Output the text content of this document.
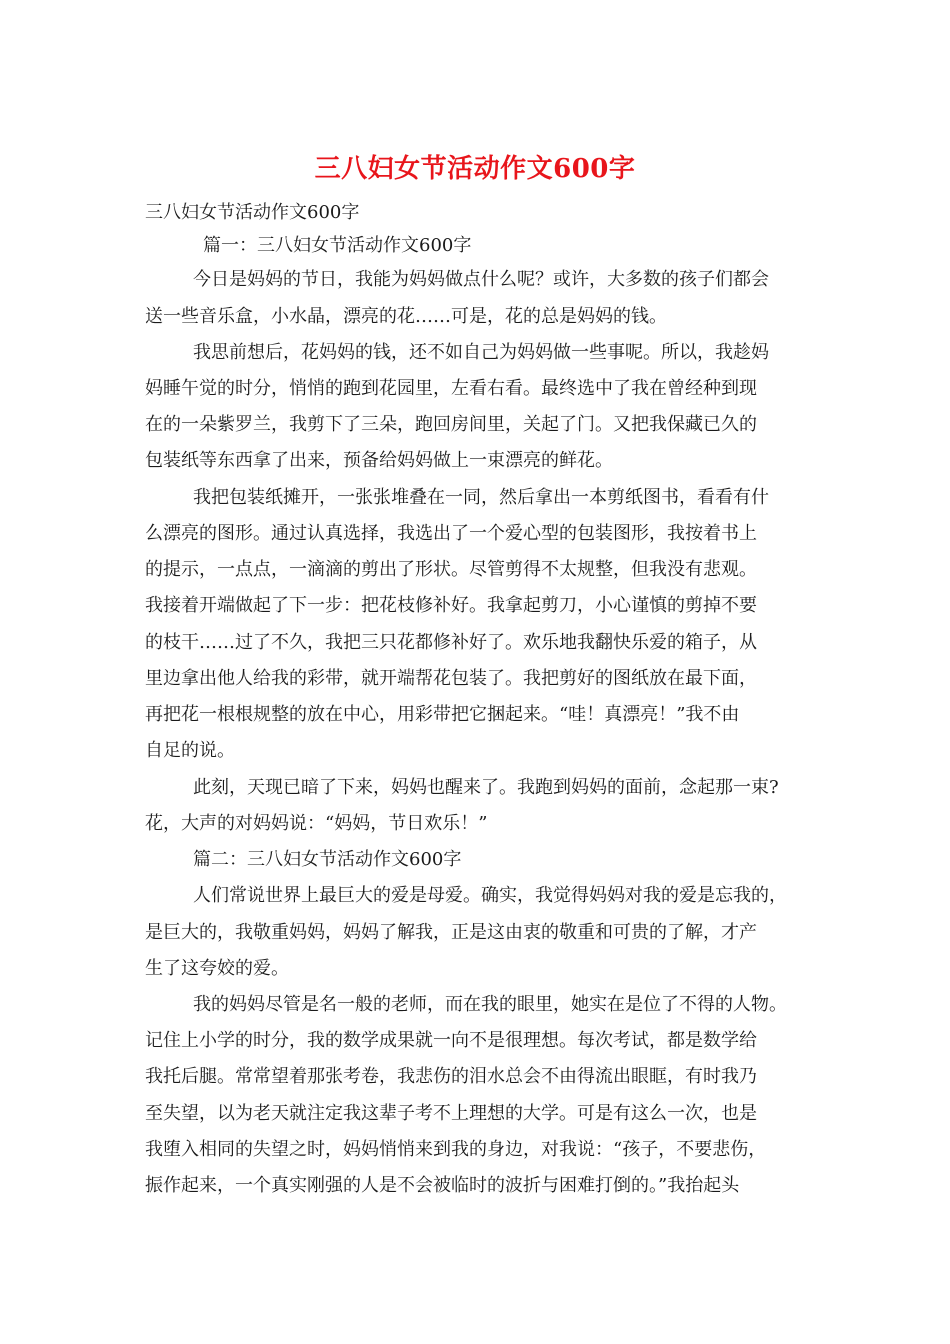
三八妇女节活动作文600字
三八妇女节活动作文600字
篇一：三八妇女节活动作文600字
今日是妈妈的节日，我能为妈妈做点什么呢？或许，大多数的孩子们都会
送一些音乐盒，小水晶，漂亮的花……可是，花的总是妈妈的钱。
我思前想后，花妈妈的钱，还不如自己为妈妈做一些事呢。所以，我趁妈
妈睡午觉的时分，悄悄的跑到花园里，左看右看。最终选中了我在曾经种到现
在的一朵紫罗兰，我剪下了三朵，跑回房间里，关起了门。又把我保藏已久的
包装纸等东西拿了出来，预备给妈妈做上一束漂亮的鲜花。
我把包装纸摊开，一张张堆叠在一同，然后拿出一本剪纸图书，看看有什
么漂亮的图形。通过认真选择，我选出了一个爱心型的包装图形，我按着书上
的提示，一点点，一滴滴的剪出了形状。尽管剪得不太规整，但我没有悲观。
我接着开端做起了下一步：把花枝修补好。我拿起剪刀，小心谨慎的剪掉不要
的枝干……过了不久，我把三只花都修补好了。欢乐地我翻快乐爱的箱子，从
里边拿出他人给我的彩带，就开端帮花包装了。我把剪好的图纸放在最下面，
再把花一根根规整的放在中心，用彩带把它捆起来。“哇！真漂亮！”我不由
自足的说。
此刻，天现已暗了下来，妈妈也醒来了。我跑到妈妈的面前，念起那一束?
花，大声的对妈妈说：“妈妈，节日欢乐！”
篇二：三八妇女节活动作文600字
人们常说世界上最巨大的爱是母爱。确实，我觉得妈妈对我的爱是忘我的，
是巨大的，我敬重妈妈，妈妈了解我，正是这由衷的敬重和可贵的了解，才产
生了这夸姣的爱。
我的妈妈尽管是名一般的老师，而在我的眼里，她实在是位了不得的人物。
记住上小学的时分，我的数学成果就一向不是很理想。每次考试，都是数学给
我托后腿。常常望着那张考卷，我悲伤的泪水总会不由得流出眼眶，有时我乃
至失望，以为老天就注定我这辈子考不上理想的大学。可是有这么一次，也是
我堕入相同的失望之时，妈妈悄悄来到我的身边，对我说：“孩子，不要悲伤，
振作起来，一个真实刚强的人是不会被临时的波折与困难打倒的。”我抬起头
